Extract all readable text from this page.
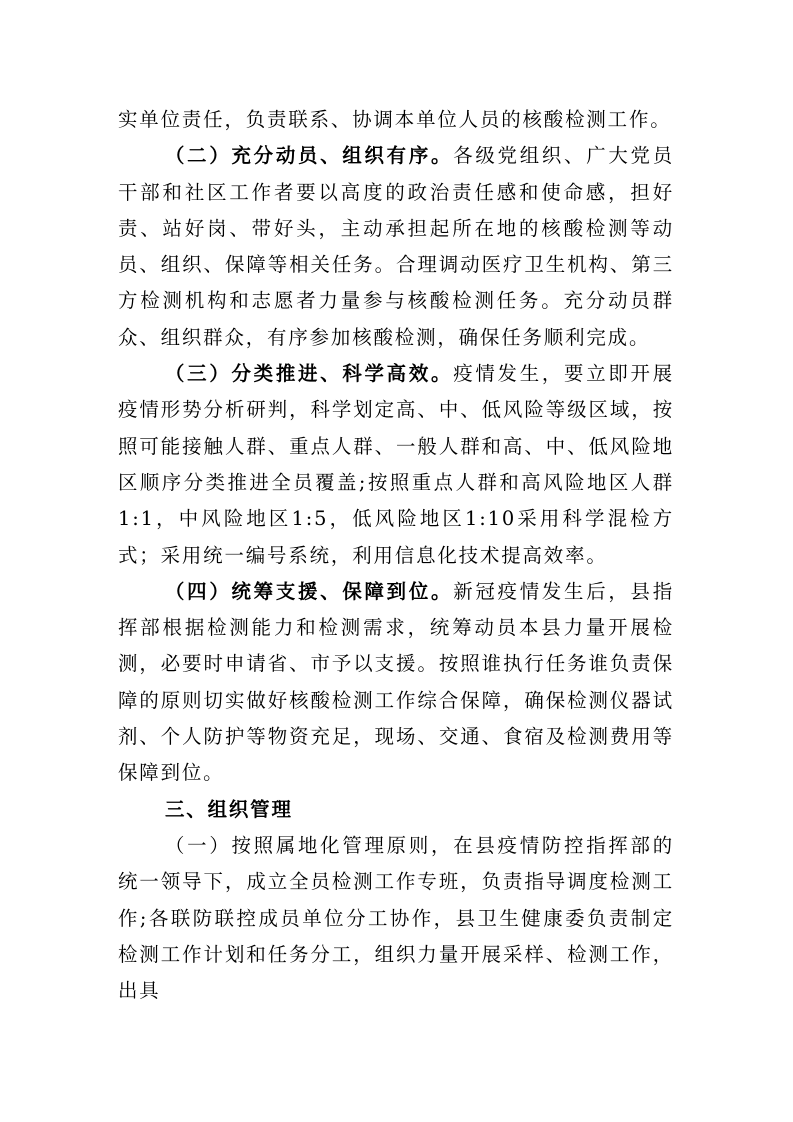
实单位责任，负责联系、协调本单位人员的核酸检测工作。

（二）充分动员、组织有序。各级党组织、广大党员干部和社区工作者要以高度的政治责任感和使命感，担好责、站好岗、带好头，主动承担起所在地的核酸检测等动员、组织、保障等相关任务。合理调动医疗卫生机构、第三方检测机构和志愿者力量参与核酸检测任务。充分动员群众、组织群众，有序参加核酸检测，确保任务顺利完成。

（三）分类推进、科学高效。疫情发生，要立即开展疫情形势分析研判，科学划定高、中、低风险等级区域，按照可能接触人群、重点人群、一般人群和高、中、低风险地区顺序分类推进全员覆盖;按照重点人群和高风险地区人群1:1，中风险地区1:5，低风险地区1:10采用科学混检方式；采用统一编号系统，利用信息化技术提高效率。

（四）统筹支援、保障到位。新冠疫情发生后，县指挥部根据检测能力和检测需求，统筹动员本县力量开展检测，必要时申请省、市予以支援。按照谁执行任务谁负责保障的原则切实做好核酸检测工作综合保障，确保检测仪器试剂、个人防护等物资充足，现场、交通、食宿及检测费用等保障到位。

三、组织管理

（一）按照属地化管理原则，在县疫情防控指挥部的统一领导下，成立全员检测工作专班，负责指导调度检测工作;各联防联控成员单位分工协作，县卫生健康委负责制定检测工作计划和任务分工，组织力量开展采样、检测工作，出具
